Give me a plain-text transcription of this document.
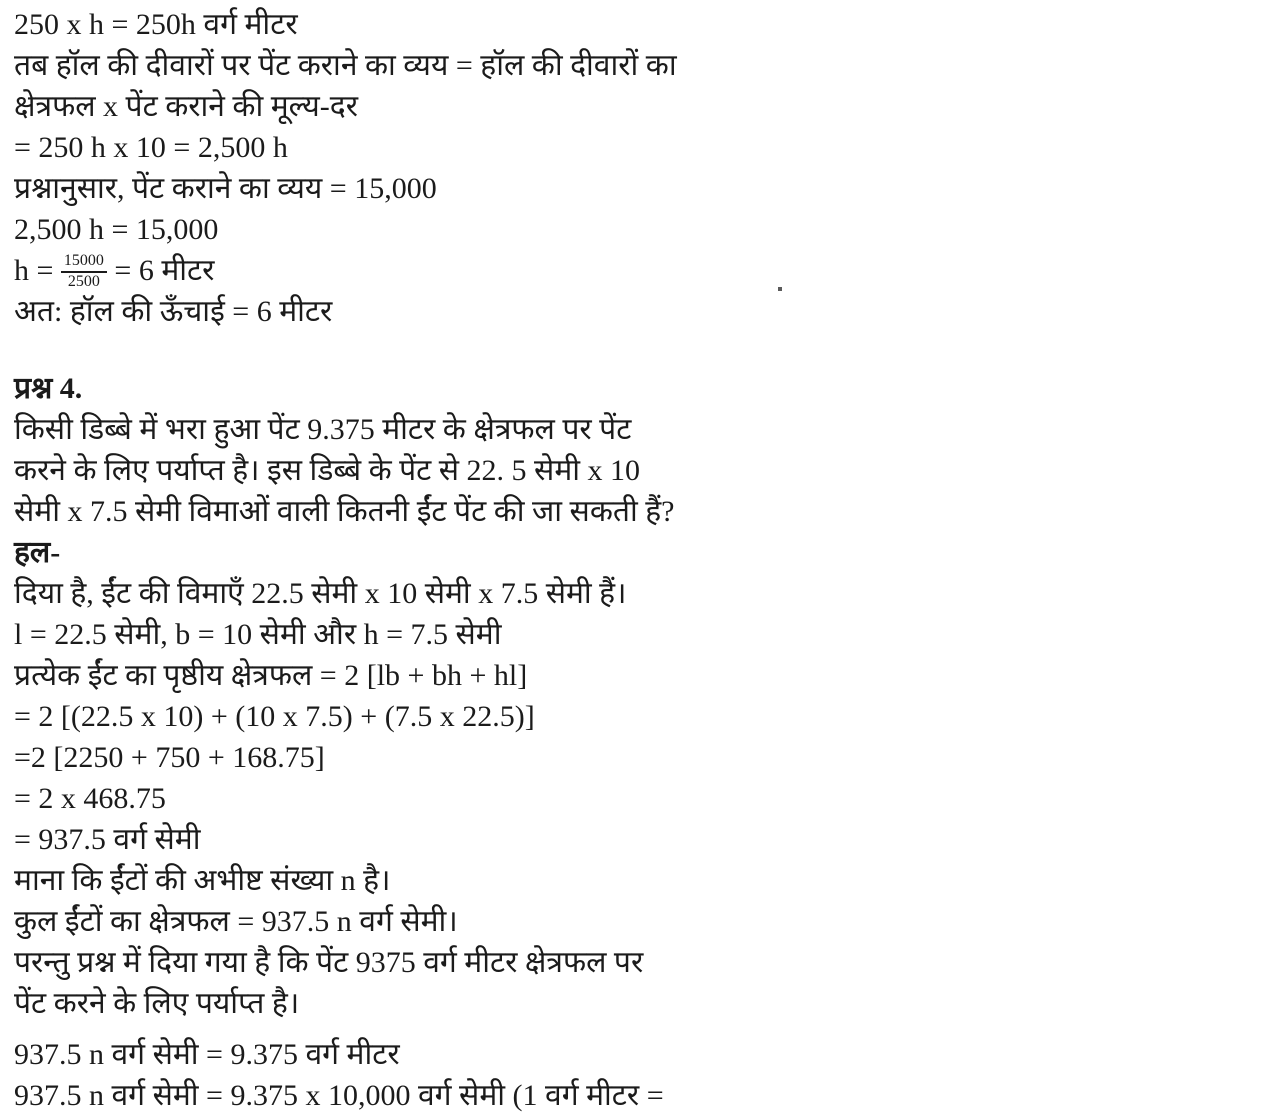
250 x h = 250h वर्ग मीटर

तब हॉल की दीवारों पर पेंट कराने का व्यय = हॉल की दीवारों का

क्षेत्रफल x पेंट कराने की मूल्य-दर

= 250 h x 10 = 2,500 h

प्रश्नानुसार, पेंट कराने का व्यय = 15,000

2,500 h = 15,000

$h = \frac{15000}{2500} = 6$ मीटर

अत: हॉल की ऊँचाई = 6 मीटर

प्रश्न 4.

किसी डिब्बे में भरा हुआ पेंट 9.375 मीटर के क्षेत्रफल पर पेंट

करने के लिए पर्याप्त है। इस डिब्बे के पेंट से 22. 5 सेमी x 10

सेमी x 7.5 सेमी विमाओं वाली कितनी ईंट पेंट की जा सकती हैं?

हल-

दिया है, ईंट की विमाएँ 22.5 सेमी x 10 सेमी x 7.5 सेमी हैं।

l = 22.5 सेमी, b = 10 सेमी और h = 7.5 सेमी

प्रत्येक ईंट का पृष्ठीय क्षेत्रफल = 2 [lb + bh + hl]

= 2 [(22.5 x 10) + (10 x 7.5) + (7.5 x 22.5)]

=2 [2250 + 750 + 168.75]

= 2 x 468.75

= 937.5 वर्ग सेमी

माना कि ईंटों की अभीष्ट संख्या n है।

कुल ईंटों का क्षेत्रफल = 937.5 n वर्ग सेमी।

परन्तु प्रश्न में दिया गया है कि पेंट 9375 वर्ग मीटर क्षेत्रफल पर

पेंट करने के लिए पर्याप्त है।

937.5 n वर्ग सेमी = 9.375 वर्ग मीटर

937.5 n वर्ग सेमी = 9.375 x 10,000 वर्ग सेमी (1 वर्ग मीटर =
